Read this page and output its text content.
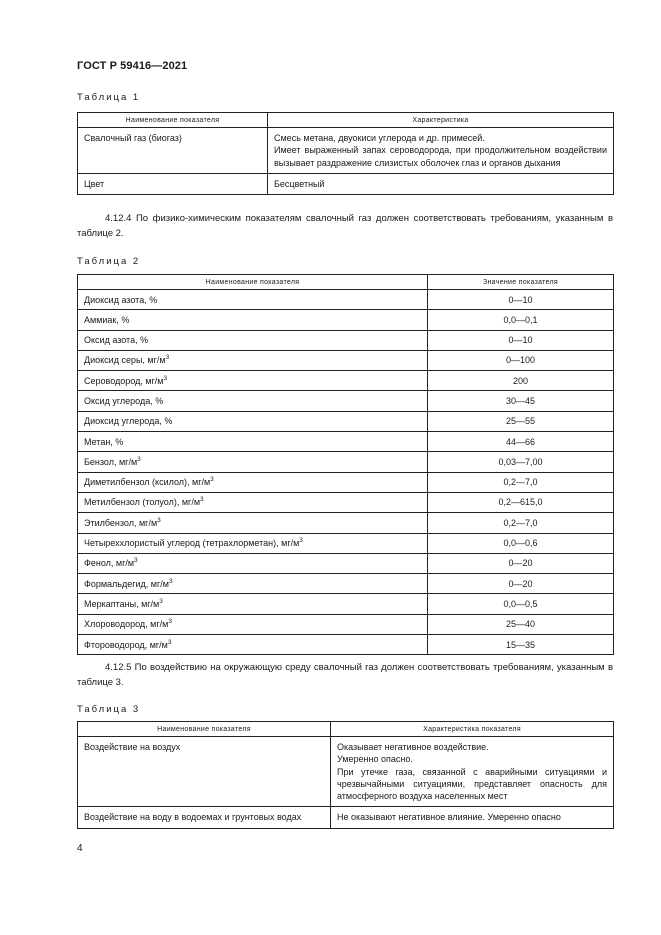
ГОСТ Р 59416—2021
Таблица 1
Наименование показателя	Характеристика
Свалочный газ (биогаз)	Смесь метана, двуокиси углерода и др. примесей.
Имеет выраженный запах сероводорода, при продолжительном воздействии вызывает раздражение слизистых оболочек глаз и органов дыхания

Цвет	Бесцветный

4.12.4 По физико-химическим показателям свалочный газ должен соответствовать требованиям, указанным в таблице 2.

Таблица 2
Наименование показателя	Значение показателя
Диоксид азота, %	0—10
Аммиак, %	0,0—0,1
Оксид азота, %	0—10
Диоксид серы, $мг/м^3$	0—100
Сероводород, $мг/м^3$	200
Оксид углерода, %	30—45
Диоксид углерода, %	25—55
Метан, %	44—66
Бензол, $мг/м^3$	0,03—7,00
Диметилбензол (ксилол), $мг/м^3$	0,2—7,0
Метилбензол (толуол), $мг/м^3$	0,2—615,0
Этилбензол, $мг/м^3$	0,2—7,0
Четыреххлористый углерод (тетрахлорметан), $мг/м^3$	0,0—0,6
Фенол, $мг/м^3$	0—20
Формальдегид, $мг/м^3$	0—20
Меркаптаны, $мг/м^3$	0,0—0,5
Хлороводород, $мг/м^3$	25—40
Фтороводород, $мг/м^3$	15—35

4.12.5 По воздействию на окружающую среду свалочный газ должен соответствовать требованиям, указанным в таблице 3.

Таблица 3
Наименование показателя	Характеристика показателя
Воздействие на воздух	Оказывает негативное воздействие.
Умеренно опасно.
При утечке газа, связанной с аварийными ситуациями и чрезвычайными ситуациями, представляет опасность для атмосферного воздуха населенных мест

Воздействие на воду в водоемах и грунтовых водах	Не оказывают негативное влияние. Умеренно опасно
4
